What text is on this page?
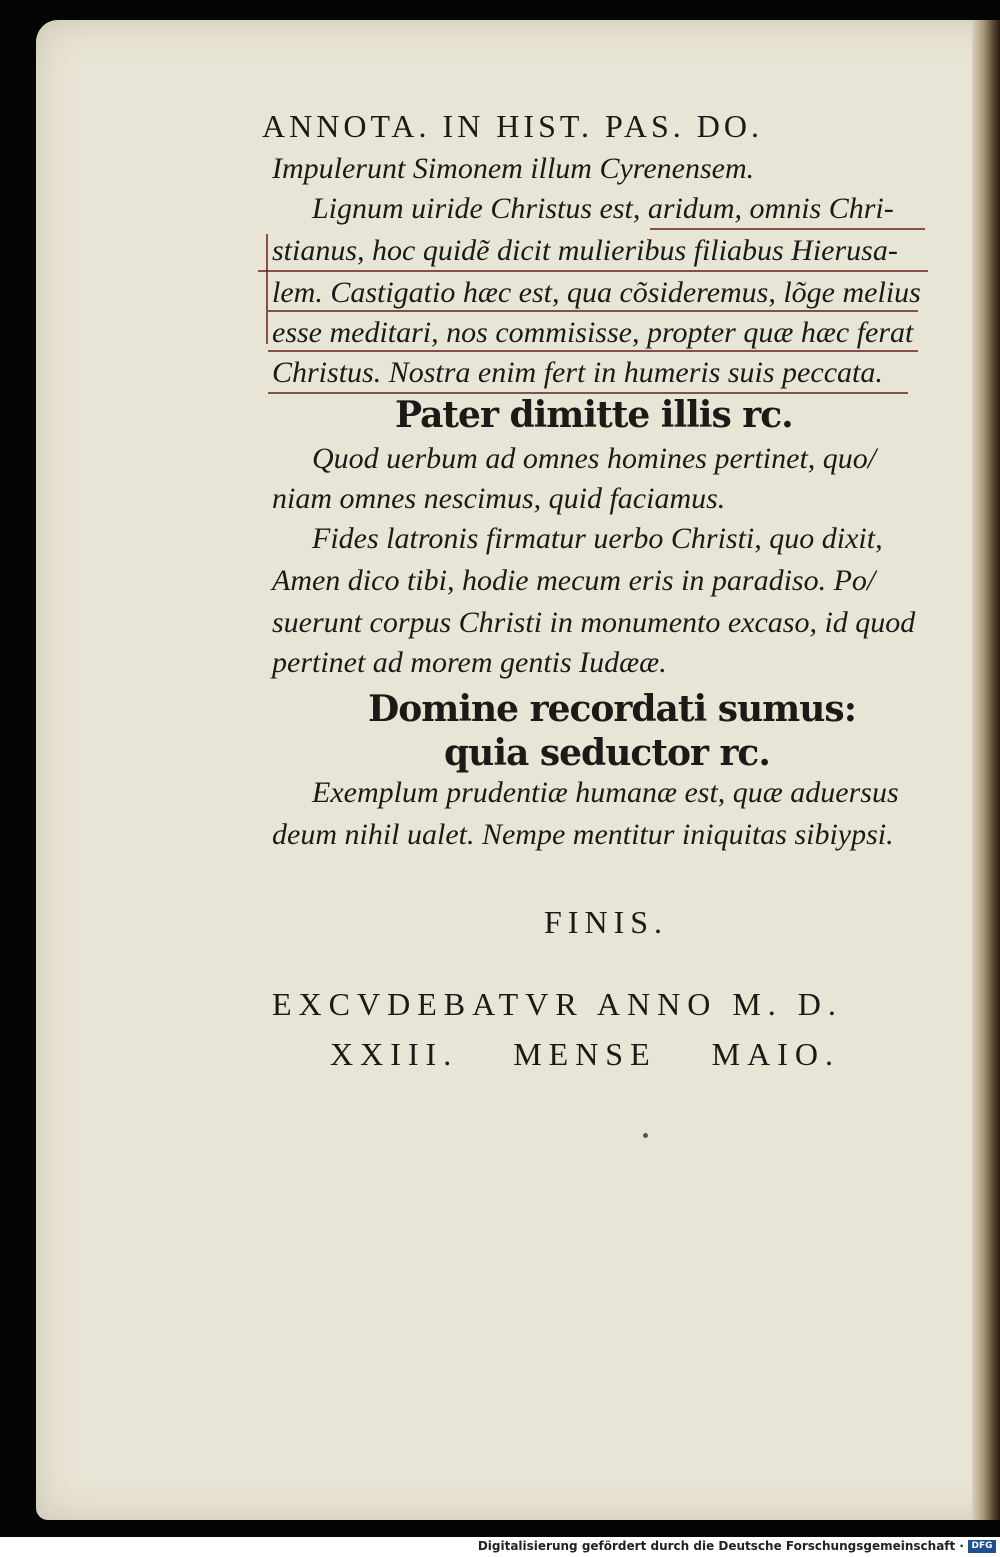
ANNOTA. IN HIST. PAS. DO.
Impulerunt Simonem illum Cyrenensem.
Lignum uiride Christus est, aridum, omnis Chri-
stianus, hoc quidẽ dicit mulieribus filiabus Hierusa-
lem. Castigatio hæc est, qua cõsideremus, lõge melius
esse meditari, nos commisisse, propter quæ hæc ferat
Christus. Nostra enim fert in humeris suis peccata.
Pater dimitte illis rc.
Quod uerbum ad omnes homines pertinet, quo/
niam omnes nescimus, quid faciamus.
Fides latronis firmatur uerbo Christi, quo dixit,
Amen dico tibi, hodie mecum eris in paradiso. Po/
suerunt corpus Christi in monumento excaso, id quod
pertinet ad morem gentis Iudææ.
Domine recordati sumus:
quia seductor rc.
Exemplum prudentiæ humanæ est, quæ aduersus
deum nihil ualet. Nempe mentitur iniquitas sibiypsi.
FINIS.
EXCVDEBATVR ANNO M. D.
XXIII. MENSE MAIO.
Digitalisierung gefördert durch die Deutsche Forschungsgemeinschaft · DFG
